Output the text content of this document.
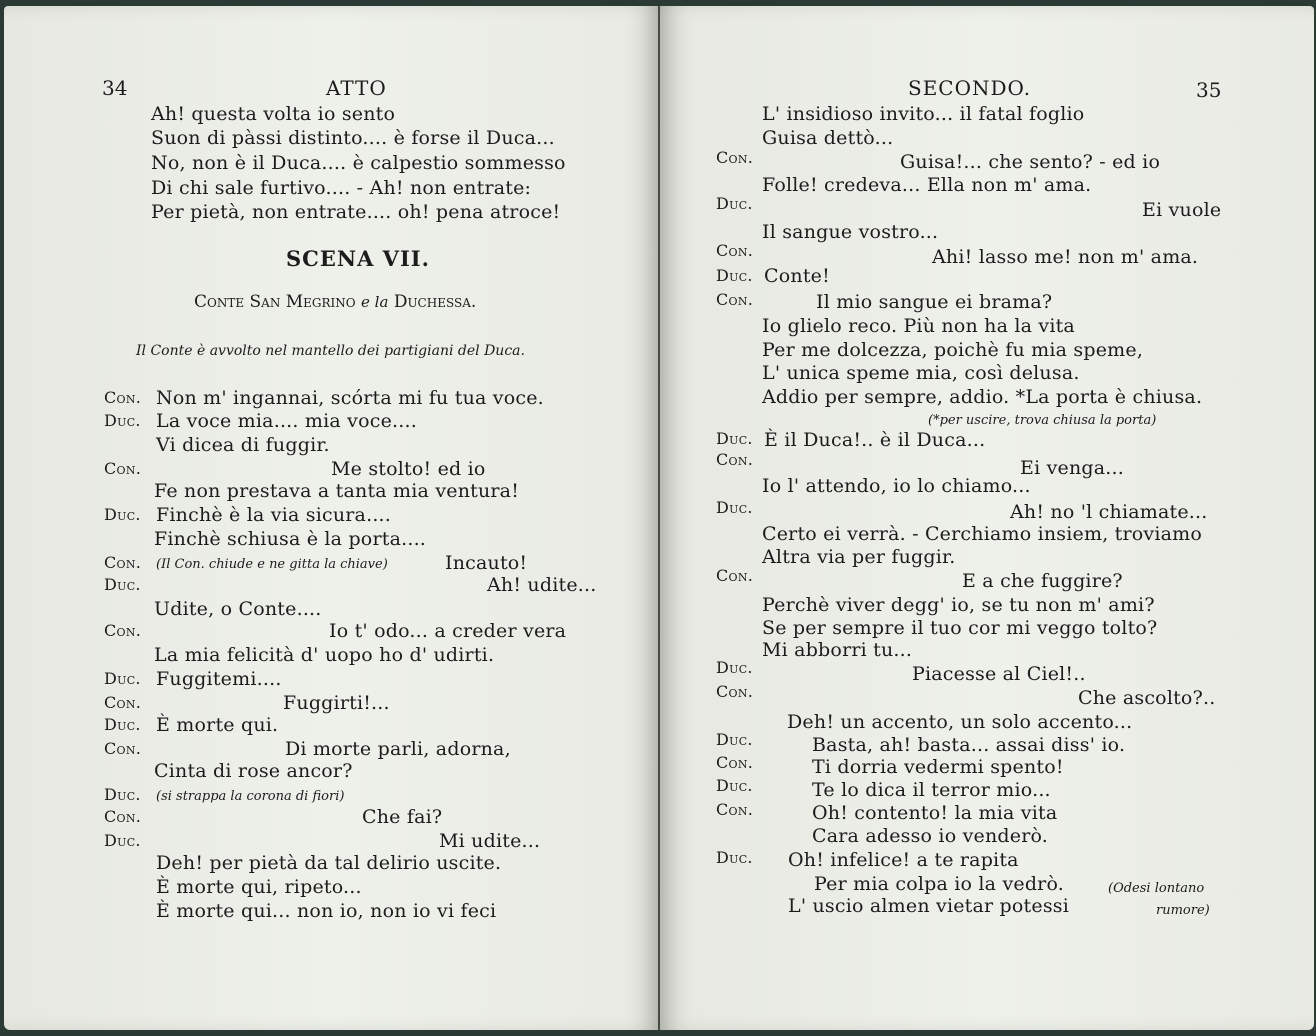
34	ATTO
Ah! questa volta io sento
Suon di pàssi distinto.... è forse il Duca...
No, non è il Duca.... è calpestio sommesso
Di chi sale furtivo.... - Ah! non entrate:
Per pietà, non entrate.... oh! pena atroce!
SCENA VII.
Conte San Megrino e la Duchessa.
Il Conte è avvolto nel mantello dei partigiani del Duca.
Con. Non m' ingannai, scórta mi fu tua voce.
Duc. La voce mia.... mia voce....
Vi dicea di fuggir.
Con.	Me stolto! ed io
Fe non prestava a tanta mia ventura!
Duc. Finchè è la via sicura....
Finchè schiusa è la porta....
Con. (Il Con. chiude e ne gitta la chiave)	Incauto!
Duc.	Ah! udite...
Udite, o Conte....
Con.	Io t' odo... a creder vera
La mia felicità d' uopo ho d' udirti.
Duc. Fuggitemi....
Con.	Fuggirti!...
Duc. È morte qui.
Con.	Di morte parli, adorna,
Cinta di rose ancor?
Duc. (si strappa la corona di fiori)
Con.	Che fai?
Duc.	Mi udite...
Deh! per pietà da tal delirio uscite.
È morte qui, ripeto...
È morte qui... non io, non io vi feci
SECONDO.	35
L' insidioso invito... il fatal foglio
Guisa dettò...
Con.	Guisa!... che sento? - ed io
Folle! credeva... Ella non m' ama.
Duc.	Ei vuole
Il sangue vostro...
Con.	Ahi! lasso me! non m' ama.
Duc. Conte!
Con.	Il mio sangue ei brama?
Io glielo reco. Più non ha la vita
Per me dolcezza, poichè fu mia speme,
L' unica speme mia, così delusa.
Addio per sempre, addio. *La porta è chiusa.
(*per uscire, trova chiusa la porta)
Duc. È il Duca!.. è il Duca...
Con.	Ei venga...
Io l' attendo, io lo chiamo...
Duc.	Ah! no 'l chiamate...
Certo ei verrà. - Cerchiamo insiem, troviamo
Altra via per fuggir.
Con.	E a che fuggire?
Perchè viver degg' io, se tu non m' ami?
Se per sempre il tuo cor mi veggo tolto?
Mi abborri tu...
Duc.	Piacesse al Ciel!..
Con.	Che ascolto?..
Deh! un accento, un solo accento...
Duc.	Basta, ah! basta... assai diss' io.
Con.	Ti dorria vedermi spento!
Duc.	Te lo dica il terror mio...
Con.	Oh! contento! la mia vita
Cara adesso io venderò.
Duc. Oh! infelice! a te rapita
Per mia colpa io la vedrò.
L' uscio almen vietar potessi
(Odesi lontano
rumore)
